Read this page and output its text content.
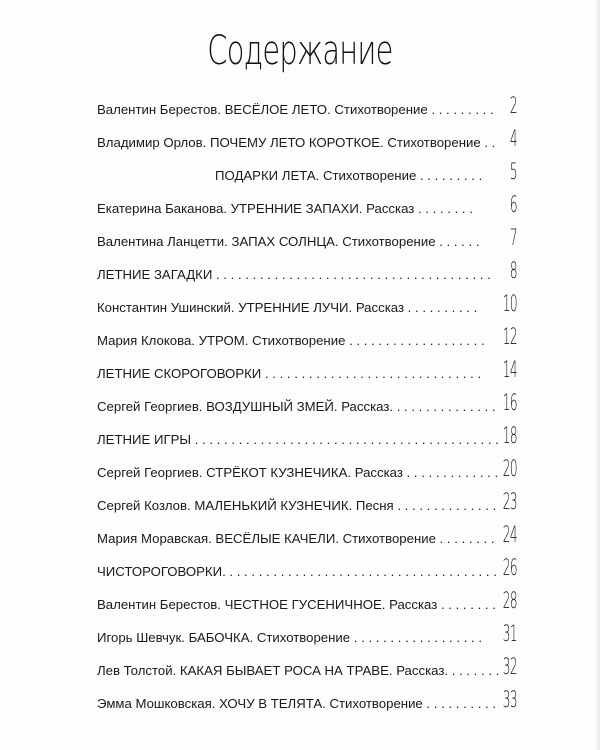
Содержание
Валентин Берестов. ВЕСЁЛОЕ ЛЕТО. Стихотворение . . . . . . . . . 2
Владимир Орлов. ПОЧЕМУ ЛЕТО КОРОТКОЕ. Стихотворение . . 4
ПОДАРКИ ЛЕТА. Стихотворение . . . . . . . . . 5
Екатерина Баканова. УТРЕННИЕ ЗАПАХИ. Рассказ . . . . . . . . 6
Валентина Ланцетти. ЗАПАХ СОЛНЦА. Стихотворение . . . . . . 7
ЛЕТНИЕ ЗАГАДКИ . . . . . . . . . . . . . . . . . . . . . . . . . . . . . . . . . . . . . . 8
Константин Ушинский. УТРЕННИЕ ЛУЧИ. Рассказ . . . . . . . . . . 10
Мария Клокова. УТРОМ. Стихотворение . . . . . . . . . . . . . . . . . . . 12
ЛЕТНИЕ СКОРОГОВОРКИ . . . . . . . . . . . . . . . . . . . . . . . . . . . . . . 14
Сергей Георгиев. ВОЗДУШНЫЙ ЗМЕЙ. Рассказ. . . . . . . . . . . . . . . 16
ЛЕТНИЕ ИГРЫ . . . . . . . . . . . . . . . . . . . . . . . . . . . . . . . . . . . . . . . . . . 18
Сергей Георгиев. СТРЁКОТ КУЗНЕЧИКА. Рассказ . . . . . . . . . . . . . 20
Сергей Козлов. МАЛЕНЬКИЙ КУЗНЕЧИК. Песня . . . . . . . . . . . . . . 23
Мария Моравская. ВЕСЁЛЫЕ КАЧЕЛИ. Стихотворение . . . . . . . . 24
ЧИСТОРОГОВОРКИ. . . . . . . . . . . . . . . . . . . . . . . . . . . . . . . . . . . . . . 26
Валентин Берестов. ЧЕСТНОЕ ГУСЕНИЧНОЕ. Рассказ . . . . . . . . 28
Игорь Шевчук. БАБОЧКА. Стихотворение . . . . . . . . . . . . . . . . . . 31
Лев Толстой. КАКАЯ БЫВАЕТ РОСА НА ТРАВЕ. Рассказ. . . . . . . . 32
Эмма Мошковская. ХОЧУ В ТЕЛЯТА. Стихотворение . . . . . . . . . . 33
